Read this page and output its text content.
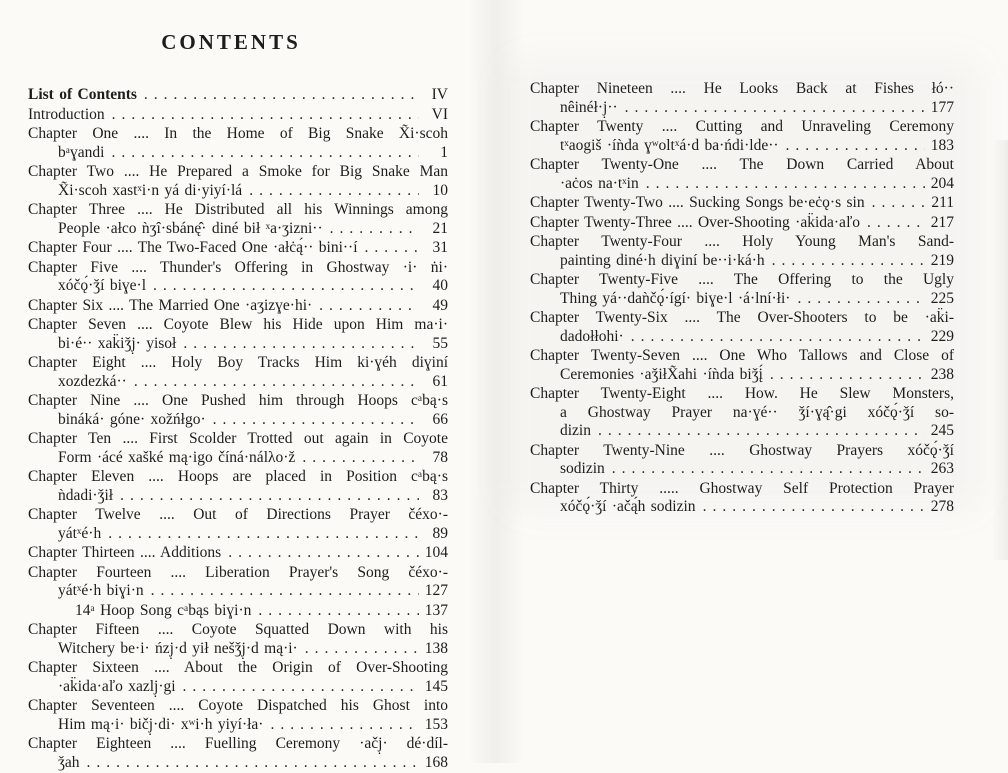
CONTENTS
List of Contents .....	IV
Introduction .....	VI
Chapter One .... In the Home of Big Snake X̃i·scoh
bᵃɣandi .....	1
Chapter Two .... He Prepared a Smoke for Big Snake Man
X̃i·scoh xastˣi·n yá di·yiyí·lá .....	10
Chapter Three .... He Distributed all his Winnings among
People ·ałco ǹʒî·sbánę̂· diné bił ˣa·ʒizni·· .....	21
Chapter Four .... The Two-Faced One ·ałċą́·· bini··í .....	31
Chapter Five .... Thunder's Offering in Ghostway ·i· ṅi·
xóčǫ́·ǯí biɣe·l .....	40
Chapter Six .... The Married One ·aʒizɣe·hi· .....	49
Chapter Seven .... Coyote Blew his Hide upon Him ma·i·
bi·é·· xak̈iǯj̣· yisoł .....	55
Chapter Eight .... Holy Boy Tracks Him ki·ɣéh diɣiní
xozdezká·· .....	61
Chapter Nine .... One Pushed him through Hoops cᵃbą·s
bináká· góne· xožńłgo· .....	66
Chapter Ten .... First Scolder Trotted out again in Coyote
Form ·ácé xašké mą·igo číná·nálλo·ž .....	78
Chapter Eleven .... Hoops are placed in Position cᵃbą·s
ǹdadi·ǯił .....	83
Chapter Twelve .... Out of Directions Prayer čéxo·-
yátˣé·h .....	89
Chapter Thirteen .... Additions .....	104
Chapter Fourteen .... Liberation Prayer's Song čéxo·-
yátˣé·h biɣi·n .....	127
14ᵃ Hoop Song cᵃbąs biɣi·n .....	137
Chapter Fifteen .... Coyote Squatted Down with his
Witchery be·i· ńzj̣·d yił nešǯj̣·d mą·i· .....	138
Chapter Sixteen .... About the Origin of Over-Shooting
·ak̈ida·aľo xazlj̣·gi .....	145
Chapter Seventeen .... Coyote Dispatched his Ghost into
Him mą·i· bičj̣·di· xʷi·h yiyí·ła· .....	153
Chapter Eighteen .... Fuelling Ceremony ·ačj̣· dé·díl-
ǯah .....	168
Chapter Nineteen .... He Looks Back at Fishes łó··
nêinéł·j̣·· .....	177
Chapter Twenty .... Cutting and Unraveling Ceremony
tˣaogiš ·íǹda ɣʷoltˣá·d ba·ńdi·lde·· .....	183
Chapter Twenty-One .... The Down Carried About
·aċos na·tˣin .....	204
Chapter Twenty-Two .... Sucking Songs be·eċǫ·s sin .....	211
Chapter Twenty-Three .... Over-Shooting ·ak̈ida·aľo .....	217
Chapter Twenty-Four .... Holy Young Man's Sand-
painting diné·h diɣiní be··i·ká·h .....	219
Chapter Twenty-Five .... The Offering to the Ugly
Thing yá··daǹčǫ́·ígí· biɣe·l ·á·lní·łi· .....	225
Chapter Twenty-Six .... The Over-Shooters to be ·ak̈i-
dadołłohi· .....	229
Chapter Twenty-Seven .... One Who Tallows and Close of
Ceremonies ·aǯiłX̃ahi ·íǹda biǯį́ .....	238
Chapter Twenty-Eight .... How. He Slew Monsters,
a Ghostway Prayer na·ɣé·· ǯí·ɣą̂·gi xóčǫ́·ǯí so-
dizin .....	245
Chapter Twenty-Nine .... Ghostway Prayers xóčǫ́·ǯí
sodizin .....	263
Chapter Thirty ..... Ghostway Self Protection Prayer
xóčǫ́·ǯí ·ačą́h sodizin .....	278
